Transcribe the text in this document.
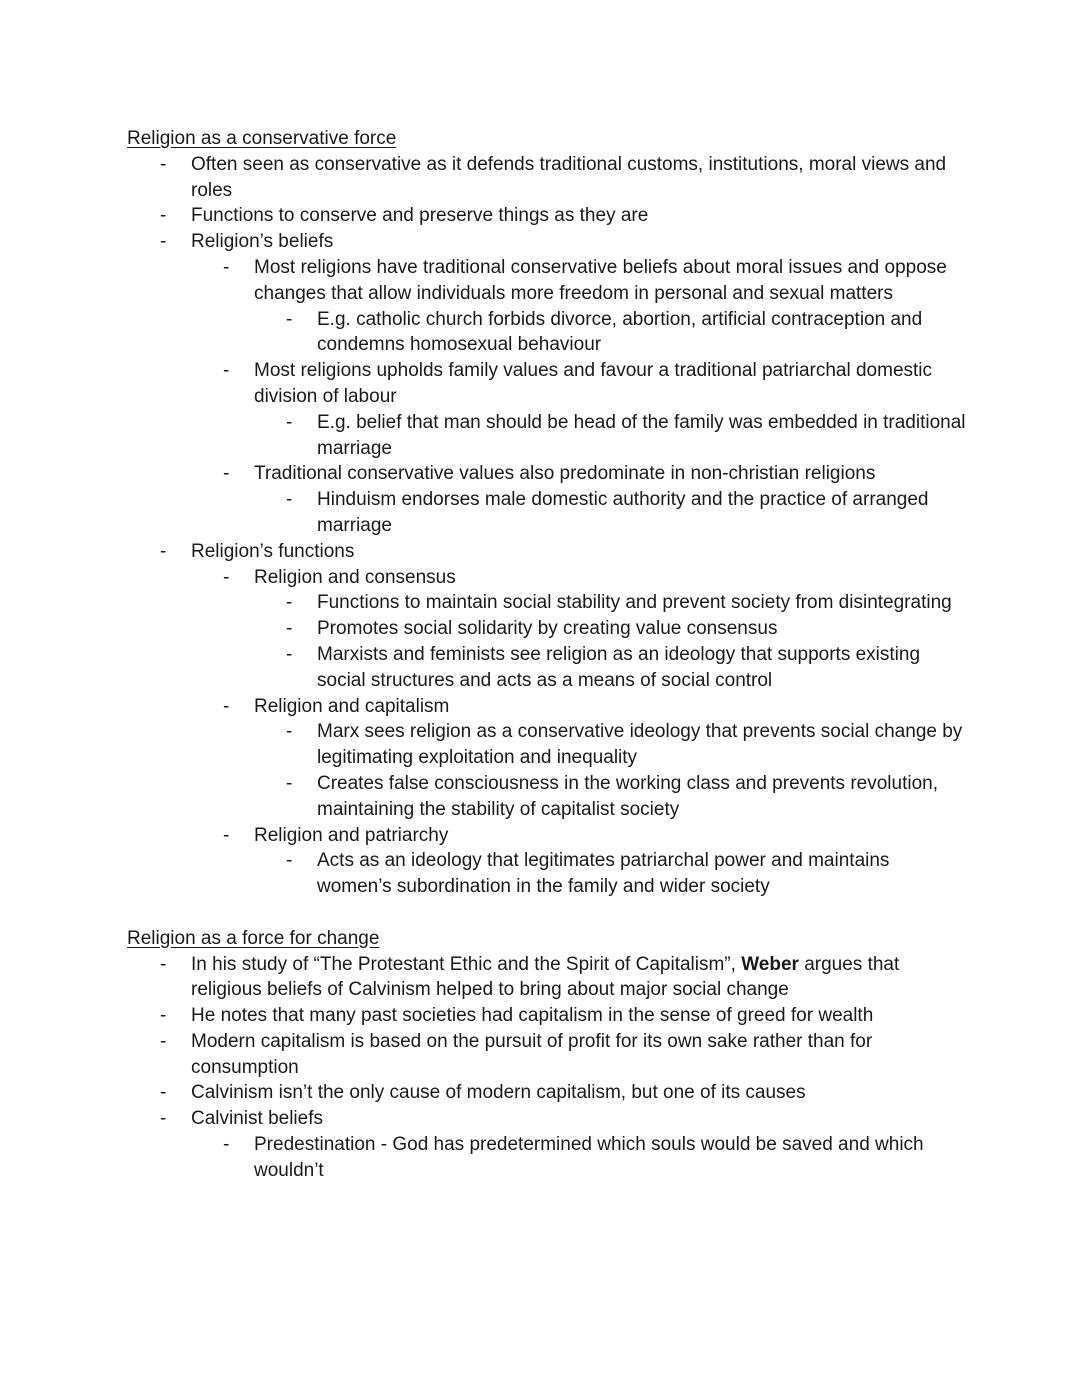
Religion as a conservative force
- Often seen as conservative as it defends traditional customs, institutions, moral views and roles
- Functions to conserve and preserve things as they are
- Religion’s beliefs
- Most religions have traditional conservative beliefs about moral issues and oppose changes that allow individuals more freedom in personal and sexual matters
- E.g. catholic church forbids divorce, abortion, artificial contraception and condemns homosexual behaviour
- Most religions upholds family values and favour a traditional patriarchal domestic division of labour
- E.g. belief that man should be head of the family was embedded in traditional marriage
- Traditional conservative values also predominate in non-christian religions
- Hinduism endorses male domestic authority and the practice of arranged marriage
- Religion’s functions
- Religion and consensus
- Functions to maintain social stability and prevent society from disintegrating
- Promotes social solidarity by creating value consensus
- Marxists and feminists see religion as an ideology that supports existing social structures and acts as a means of social control
- Religion and capitalism
- Marx sees religion as a conservative ideology that prevents social change by legitimating exploitation and inequality
- Creates false consciousness in the working class and prevents revolution, maintaining the stability of capitalist society
- Religion and patriarchy
- Acts as an ideology that legitimates patriarchal power and maintains women’s subordination in the family and wider society
Religion as a force for change
- In his study of “The Protestant Ethic and the Spirit of Capitalism”, Weber argues that religious beliefs of Calvinism helped to bring about major social change
- He notes that many past societies had capitalism in the sense of greed for wealth
- Modern capitalism is based on the pursuit of profit for its own sake rather than for consumption
- Calvinism isn’t the only cause of modern capitalism, but one of its causes
- Calvinist beliefs
- Predestination - God has predetermined which souls would be saved and which wouldn’t
